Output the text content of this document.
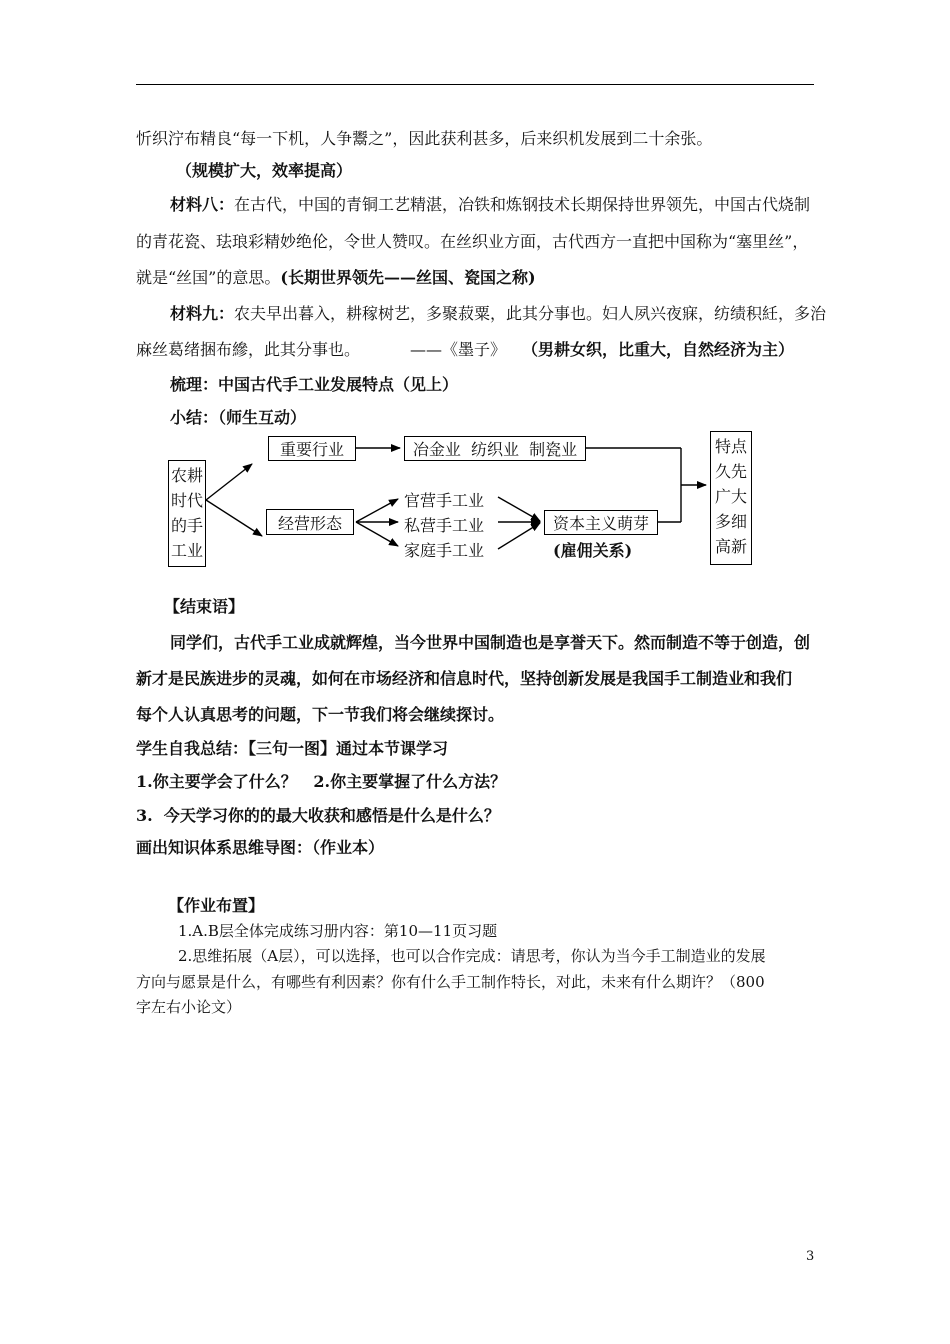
忻织泞布精良“每一下机，人争鬻之”，因此获利甚多，后来织机发展到二十余张。
（规模扩大，效率提高）
材料八：在古代，中国的青铜工艺精湛，冶铁和炼钢技术长期保持世界领先，中国古代烧制
的青花瓷、珐琅彩精妙绝伦，令世人赞叹。在丝织业方面，古代西方一直把中国称为“塞里丝”，
就是“丝国”的意思。(长期世界领先——丝国、瓷国之称)
材料九：农夫早出暮入，耕稼树艺，多聚菽粟，此其分事也。妇人夙兴夜寐，纺绩积紝，多治
麻丝葛绪捆布縿，此其分事也。	——《墨子》 （男耕女织，比重大，自然经济为主）
梳理：中国古代手工业发展特点（见上）
小结：（师生互动）
农耕
时代
的手
工业
重要行业	冶金业  纺织业  制瓷业
经营形态
官营手工业
私营手工业
家庭手工业
资本主义萌芽
(雇佣关系)
特点
久先
广大
多细
高新
【结束语】
同学们，古代手工业成就辉煌，当今世界中国制造也是享誉天下。然而制造不等于创造，创
新才是民族进步的灵魂，如何在市场经济和信息时代，坚持创新发展是我国手工制造业和我们
每个人认真思考的问题，下一节我们将会继续探讨。
学生自我总结：【三句一图】通过本节课学习
1.你主要学会了什么？   2.你主要掌握了什么方法？
3.  今天学习你的的最大收获和感悟是什么是什么？
画出知识体系思维导图：（作业本）
【作业布置】
1.A.B层全体完成练习册内容：第10—11页习题
2.思维拓展（A层），可以选择，也可以合作完成：请思考，你认为当今手工制造业的发展
方向与愿景是什么，有哪些有利因素？你有什么手工制作特长，对此，未来有什么期许？（800
字左右小论文）
3
